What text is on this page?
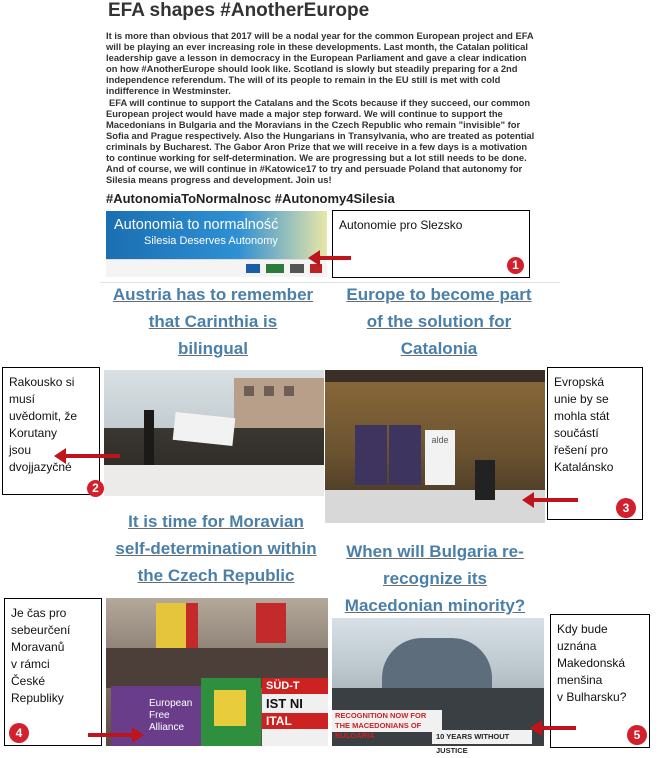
EFA shapes #AnotherEurope

It is more than obvious that 2017 will be a nodal year for the common European project and EFA will be playing an ever increasing role in these developments. Last month, the Catalan political leadership gave a lesson in democracy in the European Parliament and gave a clear indication on how #AnotherEurope should look like. Scotland is slowly but steadily preparing for a 2nd independence referendum. The will of its people to remain in the EU still is met with cold indifference in Westminster.

EFA will continue to support the Catalans and the Scots because if they succeed, our common European project would have made a major step forward. We will continue to support the Macedonians in Bulgaria and the Moravians in the Czech Republic who remain "invisible" for Sofia and Prague respectively. Also the Hungarians in Transylvania, who are treated as potential criminals by Bucharest. The Gabor Aron Prize that we will receive in a few days is a motivation to continue working for self-determination. We are progressing but a lot still needs to be done. And of course, we will continue in #Katowice17 to try and persuade Poland that autonomy for Silesia means progress and development. Join us!

#AutonomiaToNormalnosc #Autonomy4Silesia
Autonomia to normalność
Silesia Deserves Autonomy
Autonomie pro Slezsko
1
Austria has to remember
that Carinthia is
bilingual
Europe to become part
of the solution for
Catalonia
Rakousko si
musí
uvědomit, že
Korutany
jsou
dvojjazyčné
2
alde
Evropská
unie by se
mohla stát
součástí
řešení pro
Katalánsko
3
It is time for Moravian
self-determination within
the Czech Republic
When will Bulgaria re-
recognize its
Macedonian minority?
European Free Alliance
SÜD-T
IST NI
ITAL
Je čas pro
sebeurčení
Moravanů
v rámci
České
Republiky
4
RECOGNITION NOW FOR THE MACEDONIANS OF BULGARIA	10 YEARS WITHOUT JUSTICE
Kdy bude
uznána
Makedonská
menšina
v Bulharsku?
5
